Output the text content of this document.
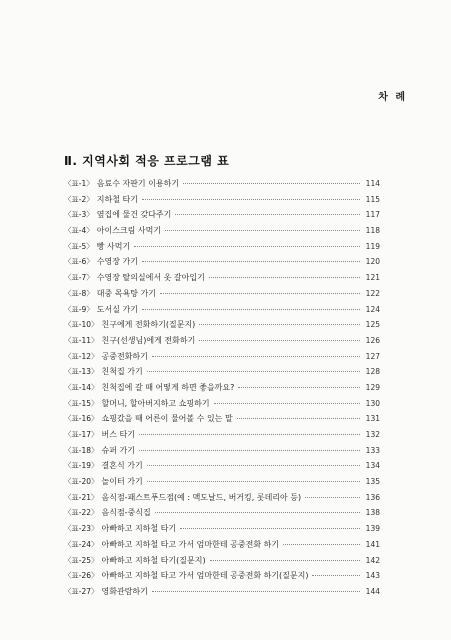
차 례
Ⅱ. 지역사회 적응 프로그램 표
〈표-1〉 음료수 자판기 이용하기	114
〈표-2〉 지하철 타기	115
〈표-3〉 옆집에 물건 갖다주기	117
〈표-4〉 아이스크림 사먹기	118
〈표-5〉 빵 사먹기	119
〈표-6〉 수영장 가기	120
〈표-7〉 수영장 탈의실에서 옷 갈아입기	121
〈표-8〉 대중 목욕탕 가기	122
〈표-9〉 도서실 가기	124
〈표-10〉 친구에게 전화하기(질문지)	125
〈표-11〉 친구(선생님)에게 전화하기	126
〈표-12〉 공중전화하기	127
〈표-13〉 친척집 가기	128
〈표-14〉 친척집에 갈 때 어떻게 하면 좋을까요?	129
〈표-15〉 할머니, 할아버지하고 쇼핑하기	130
〈표-16〉 쇼핑갔을 때 어른이 물어볼 수 있는 말	131
〈표-17〉 버스 타기	132
〈표-18〉 슈퍼 가기	133
〈표-19〉 결혼식 가기	134
〈표-20〉 놀이터 가기	135
〈표-21〉 음식점-패스트푸드점(예 : 맥도날드, 버거킹, 롯데리아 등)	136
〈표-22〉 음식점-중식집	138
〈표-23〉 아빠하고 지하철 타기	139
〈표-24〉 아빠하고 지하철 타고 가서 엄마한테 공중전화 하기	141
〈표-25〉 아빠하고 지하철 타기(질문지)	142
〈표-26〉 아빠하고 지하철 타고 가서 엄마한테 공중전화 하기(질문지)	143
〈표-27〉 영화관람하기	144
